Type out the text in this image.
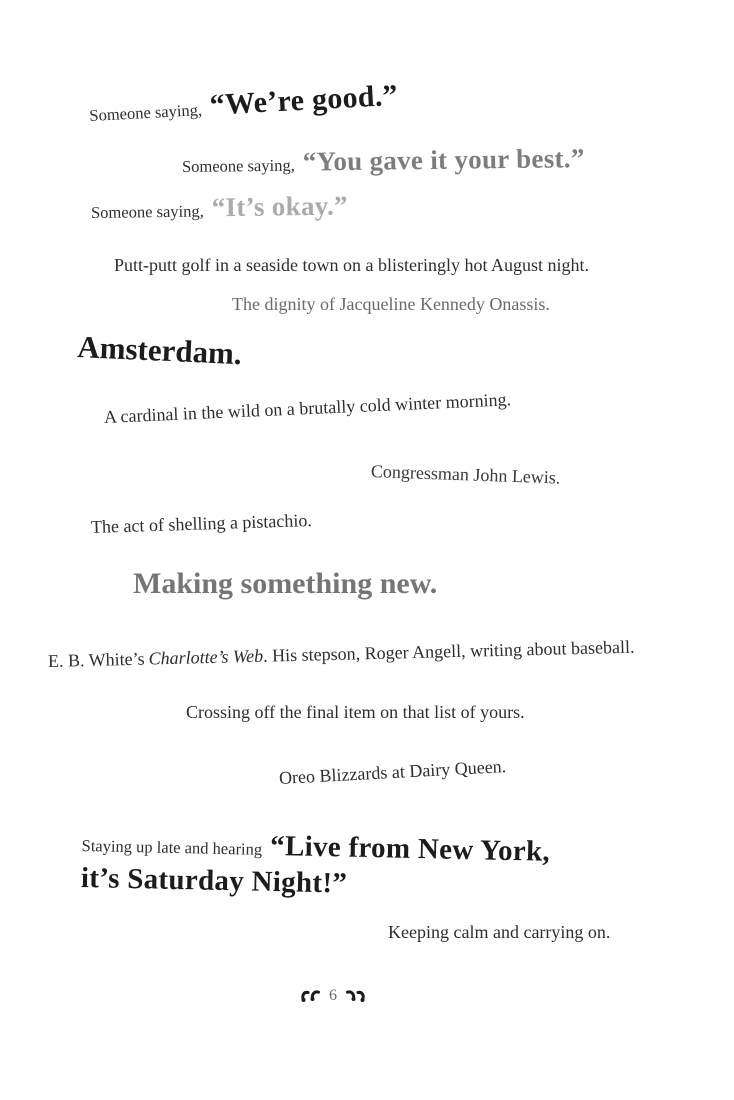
Someone saying, “We’re good.”
Someone saying, “You gave it your best.”
Someone saying, “It’s okay.”
Putt-putt golf in a seaside town on a blisteringly hot August night.
The dignity of Jacqueline Kennedy Onassis.
Amsterdam.
A cardinal in the wild on a brutally cold winter morning.
Congressman John Lewis.
The act of shelling a pistachio.
Making something new.
E. B. White’s Charlotte’s Web. His stepson, Roger Angell, writing about baseball.
Crossing off the final item on that list of yours.
Oreo Blizzards at Dairy Queen.
Staying up late and hearing “Live from New York,
it’s Saturday Night!”
Keeping calm and carrying on.
6
